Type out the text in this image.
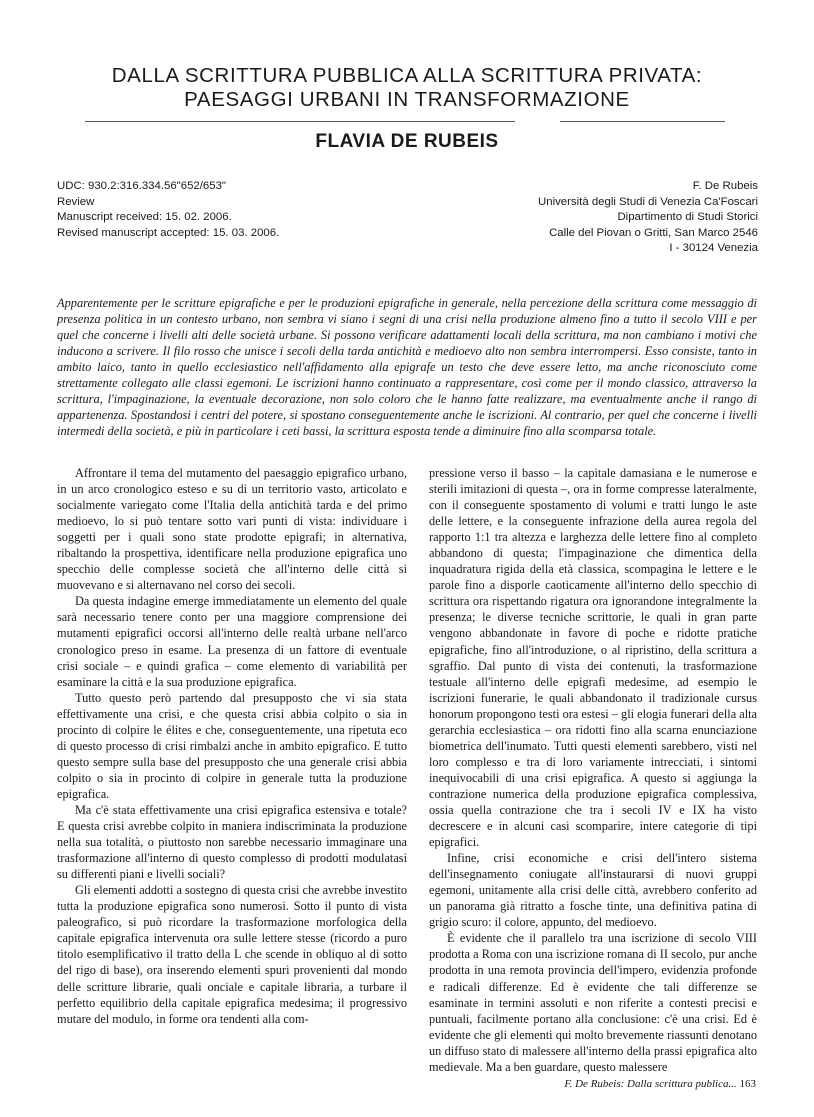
DALLA SCRITTURA PUBBLICA ALLA SCRITTURA PRIVATA: PAESAGGI URBANI IN TRANSFORMAZIONE
FLAVIA DE RUBEIS
UDC: 930.2:316.334.56"652/653"
Review
Manuscript received: 15. 02. 2006.
Revised manuscript accepted: 15. 03. 2006.
F. De Rubeis
Università degli Studi di Venezia Ca'Foscari
Dipartimento di Studi Storici
Calle del Piovan o Gritti, San Marco 2546
I - 30124 Venezia

Apparentemente per le scritture epigrafiche e per le produzioni epigrafiche in generale, nella percezione della scrittura come messaggio di presenza politica in un contesto urbano, non sembra vi siano i segni di una crisi nella produzione almeno fino a tutto il secolo VIII e per quel che concerne i livelli alti delle società urbane. Si possono verificare adattamenti locali della scrittura, ma non cambiano i motivi che inducono a scrivere. Il filo rosso che unisce i secoli della tarda antichità e medioevo alto non sembra interrompersi. Esso consiste, tanto in ambito laico, tanto in quello ecclesiastico nell'affidamento alla epigrafe un testo che deve essere letto, ma anche riconosciuto come strettamente collegato alle classi egemoni. Le iscrizioni hanno continuato a rappresentare, così come per il mondo classico, attraverso la scrittura, l'impaginazione, la eventuale decorazione, non solo coloro che le hanno fatte realizzare, ma eventualmente anche il rango di appartenenza. Spostandosi i centri del potere, si spostano conseguentemente anche le iscrizioni. Al contrario, per quel che concerne i livelli intermedi della società, e più in particolare i ceti bassi, la scrittura esposta tende a diminuire fino alla scomparsa totale.

Affrontare il tema del mutamento del paesaggio epigrafico urbano, in un arco cronologico esteso e su di un territorio vasto, articolato e socialmente variegato come l'Italia della antichità tarda e del primo medioevo, lo si può tentare sotto vari punti di vista: individuare i soggetti per i quali sono state prodotte epigrafi; in alternativa, ribaltando la prospettiva, identificare nella produzione epigrafica uno specchio delle complesse società che all'interno delle città si muovevano e si alternavano nel corso dei secoli.

Da questa indagine emerge immediatamente un elemento del quale sarà necessario tenere conto per una maggiore comprensione dei mutamenti epigrafici occorsi all'interno delle realtà urbane nell'arco cronologico preso in esame. La presenza di un fattore di eventuale crisi sociale – e quindi grafica – come elemento di variabilità per esaminare la città e la sua produzione epigrafica.

Tutto questo però partendo dal presupposto che vi sia stata effettivamente una crisi, e che questa crisi abbia colpito o sia in procinto di colpire le élites e che, conseguentemente, una ripetuta eco di questo processo di crisi rimbalzi anche in ambito epigrafico. E tutto questo sempre sulla base del presupposto che una generale crisi abbia colpito o sia in procinto di colpire in generale tutta la produzione epigrafica.

Ma c'è stata effettivamente una crisi epigrafica estensiva e totale? E questa crisi avrebbe colpito in maniera indiscriminata la produzione nella sua totalità, o piuttosto non sarebbe necessario immaginare una trasformazione all'interno di questo complesso di prodotti modulatasi su differenti piani e livelli sociali?

Gli elementi addotti a sostegno di questa crisi che avrebbe investito tutta la produzione epigrafica sono numerosi. Sotto il punto di vista paleografico, si può ricordare la trasformazione morfologica della capitale epigrafica intervenuta ora sulle lettere stesse (ricordo a puro titolo esemplificativo il tratto della L che scende in obliquo al di sotto del rigo di base), ora inserendo elementi spuri provenienti dal mondo delle scritture librarie, quali onciale e capitale libraria, a turbare il perfetto equilibrio della capitale epigrafica medesima; il progressivo mutare del modulo, in forme ora tendenti alla com-

pressione verso il basso – la capitale damasiana e le numerose e sterili imitazioni di questa –, ora in forme compresse lateralmente, con il conseguente spostamento di volumi e tratti lungo le aste delle lettere, e la conseguente infrazione della aurea regola del rapporto 1:1 tra altezza e larghezza delle lettere fino al completo abbandono di questa; l'impaginazione che dimentica della inquadratura rigida della età classica, scompagina le lettere e le parole fino a disporle caoticamente all'interno dello specchio di scrittura ora rispettando rigatura ora ignorandone integralmente la presenza; le diverse tecniche scrittorie, le quali in gran parte vengono abbandonate in favore di poche e ridotte pratiche epigrafiche, fino all'introduzione, o al ripristino, della scrittura a sgraffio. Dal punto di vista dei contenuti, la trasformazione testuale all'interno delle epigrafi medesime, ad esempio le iscrizioni funerarie, le quali abbandonato il tradizionale cursus honorum propongono testi ora estesi – gli elogia funerari della alta gerarchia ecclesiastica – ora ridotti fino alla scarna enunciazione biometrica dell'inumato. Tutti questi elementi sarebbero, visti nel loro complesso e tra di loro variamente intrecciati, i sintomi inequivocabili di una crisi epigrafica. A questo si aggiunga la contrazione numerica della produzione epigrafica complessiva, ossia quella contrazione che tra i secoli IV e IX ha visto decrescere e in alcuni casi scomparire, intere categorie di tipi epigrafici.

Infine, crisi economiche e crisi dell'intero sistema dell'insegnamento coniugate all'instaurarsi di nuovi gruppi egemoni, unitamente alla crisi delle città, avrebbero conferito ad un panorama già ritratto a fosche tinte, una definitiva patina di grigio scuro: il colore, appunto, del medioevo.

È evidente che il parallelo tra una iscrizione di secolo VIII prodotta a Roma con una iscrizione romana di II secolo, pur anche prodotta in una remota provincia dell'impero, evidenzia profonde e radicali differenze. Ed è evidente che tali differenze se esaminate in termini assoluti e non riferite a contesti precisi e puntuali, facilmente portano alla conclusione: c'è una crisi. Ed è evidente che gli elementi qui molto brevemente riassunti denotano un diffuso stato di malessere all'interno della prassi epigrafica alto medievale. Ma a ben guardare, questo malessere

F. De Rubeis: Dalla scrittura publica... 163
